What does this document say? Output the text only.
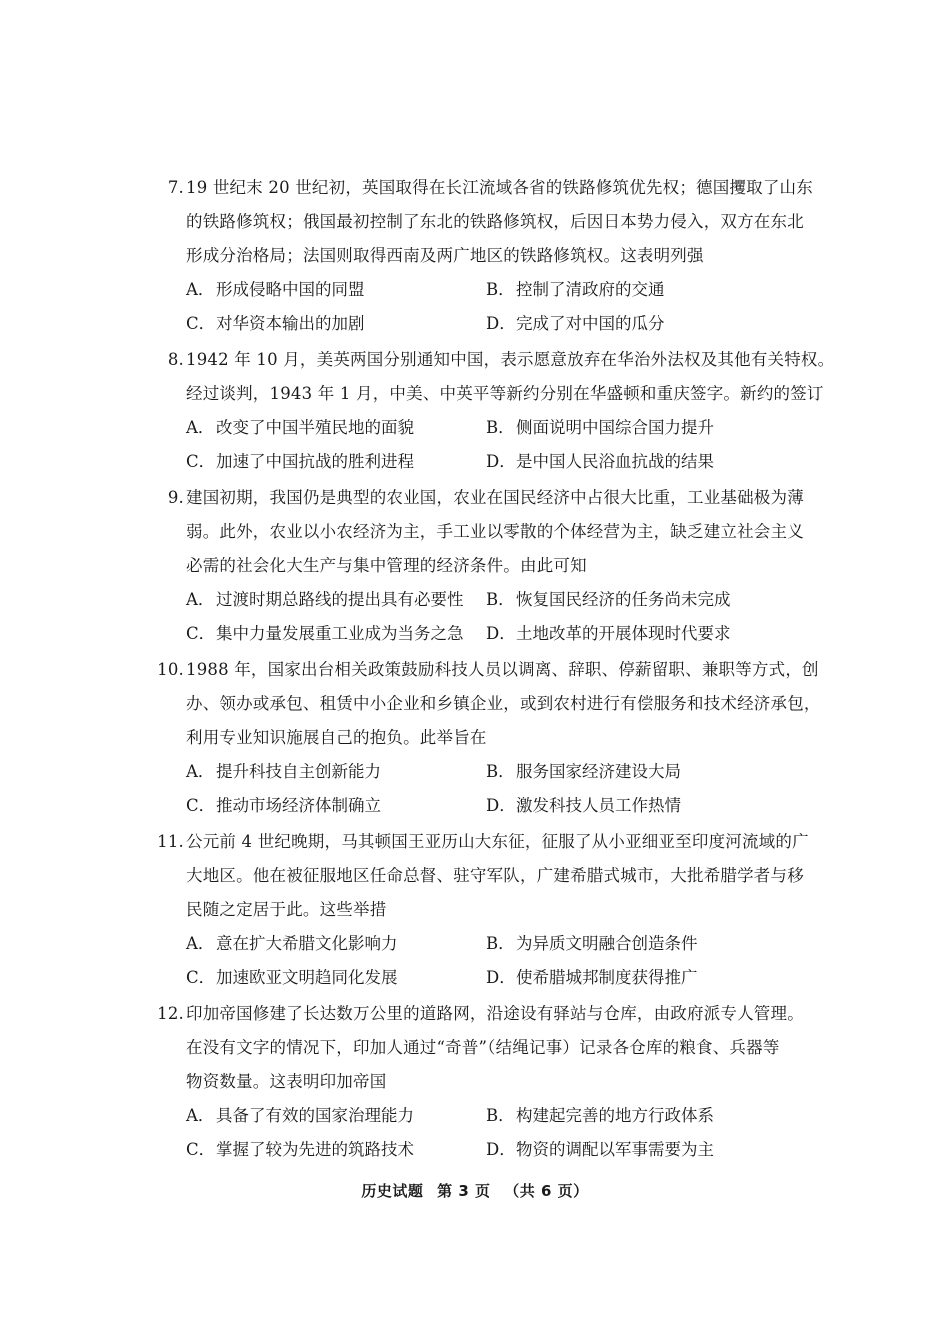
7. 19 世纪末 20 世纪初，英国取得在长江流域各省的铁路修筑优先权；德国攫取了山东
的铁路修筑权；俄国最初控制了东北的铁路修筑权，后因日本势力侵入，双方在东北
形成分治格局；法国则取得西南及两广地区的铁路修筑权。这表明列强
A．形成侵略中国的同盟	B．控制了清政府的交通
C．对华资本输出的加剧	D．完成了对中国的瓜分
8. 1942 年 10 月，美英两国分别通知中国，表示愿意放弃在华治外法权及其他有关特权。
经过谈判，1943 年 1 月，中美、中英平等新约分别在华盛顿和重庆签字。新约的签订
A．改变了中国半殖民地的面貌	B．侧面说明中国综合国力提升
C．加速了中国抗战的胜利进程	D．是中国人民浴血抗战的结果
9. 建国初期，我国仍是典型的农业国，农业在国民经济中占很大比重，工业基础极为薄
弱。此外，农业以小农经济为主，手工业以零散的个体经营为主，缺乏建立社会主义
必需的社会化大生产与集中管理的经济条件。由此可知
A．过渡时期总路线的提出具有必要性 B．恢复国民经济的任务尚未完成
C．集中力量发展重工业成为当务之急 D．土地改革的开展体现时代要求
10. 1988 年，国家出台相关政策鼓励科技人员以调离、辞职、停薪留职、兼职等方式，创
办、领办或承包、租赁中小企业和乡镇企业，或到农村进行有偿服务和技术经济承包，
利用专业知识施展自己的抱负。此举旨在
A．提升科技自主创新能力	B．服务国家经济建设大局
C．推动市场经济体制确立	D．激发科技人员工作热情
11. 公元前 4 世纪晚期，马其顿国王亚历山大东征，征服了从小亚细亚至印度河流域的广
大地区。他在被征服地区任命总督、驻守军队，广建希腊式城市，大批希腊学者与移
民随之定居于此。这些举措
A．意在扩大希腊文化影响力	B．为异质文明融合创造条件
C．加速欧亚文明趋同化发展	D．使希腊城邦制度获得推广
12. 印加帝国修建了长达数万公里的道路网，沿途设有驿站与仓库，由政府派专人管理。
在没有文字的情况下，印加人通过“奇普”（结绳记事）记录各仓库的粮食、兵器等
物资数量。这表明印加帝国
A．具备了有效的国家治理能力	B．构建起完善的地方行政体系
C．掌握了较为先进的筑路技术	D．物资的调配以军事需要为主
历史试题 第 3 页 （共 6 页）
